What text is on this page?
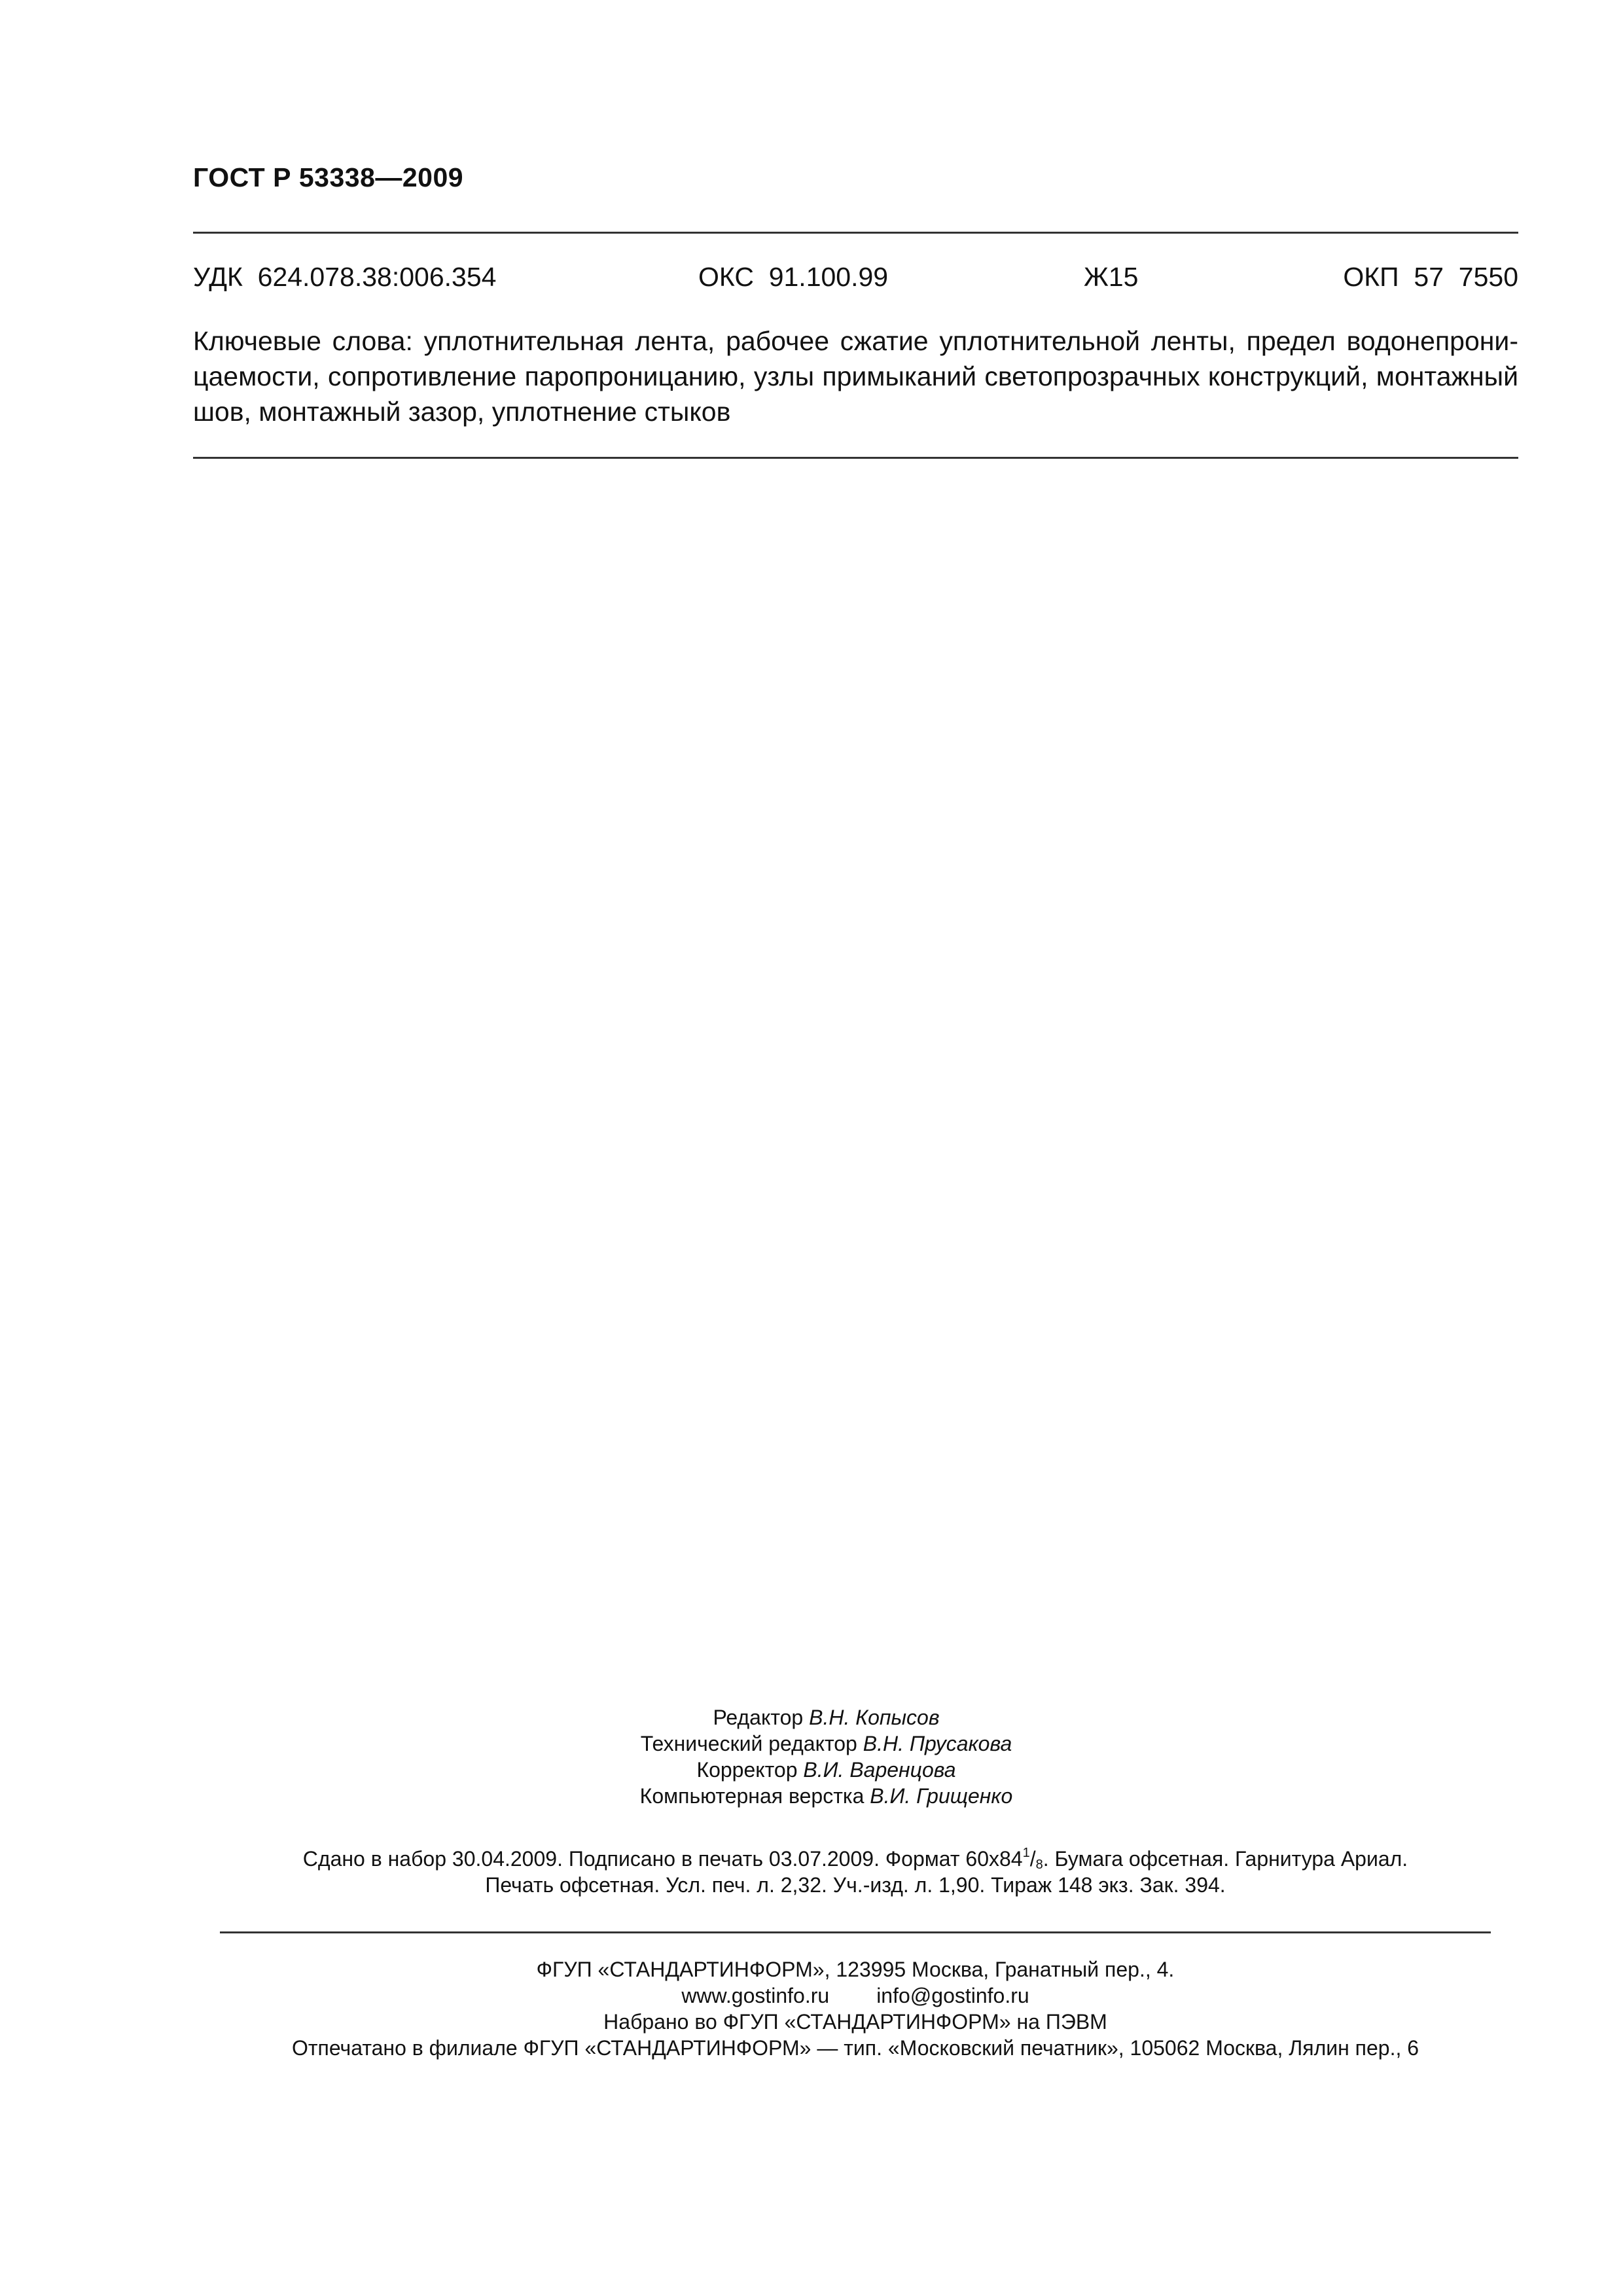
ГОСТ Р 53338—2009
УДК  624.078.38:006.354	ОКС  91.100.99	Ж15	ОКП  57  7550
Ключевые слова: уплотнительная лента, рабочее сжатие уплотнительной ленты, предел водонепроницаемости, сопротивление паропроницанию, узлы примыканий светопрозрачных конструкций, монтажный шов, монтажный зазор, уплотнение стыков
Редактор В.Н. Копысов
Технический редактор В.Н. Прусакова
Корректор В.И. Варенцова
Компьютерная верстка В.И. Грищенко
Сдано в набор 30.04.2009. Подписано в печать 03.07.2009. Формат $60x84^1/_8$. Бумага офсетная. Гарнитура Ариал.
Печать офсетная. Усл. печ. л. 2,32. Уч.-изд. л. 1,90. Тираж 148 экз. Зак. 394.
ФГУП «СТАНДАРТИНФОРМ», 123995 Москва, Гранатный пер., 4.
www.gostinfo.ru info@gostinfo.ru
Набрано во ФГУП «СТАНДАРТИНФОРМ» на ПЭВМ
Отпечатано в филиале ФГУП «СТАНДАРТИНФОРМ» — тип. «Московский печатник», 105062 Москва, Лялин пер., 6
